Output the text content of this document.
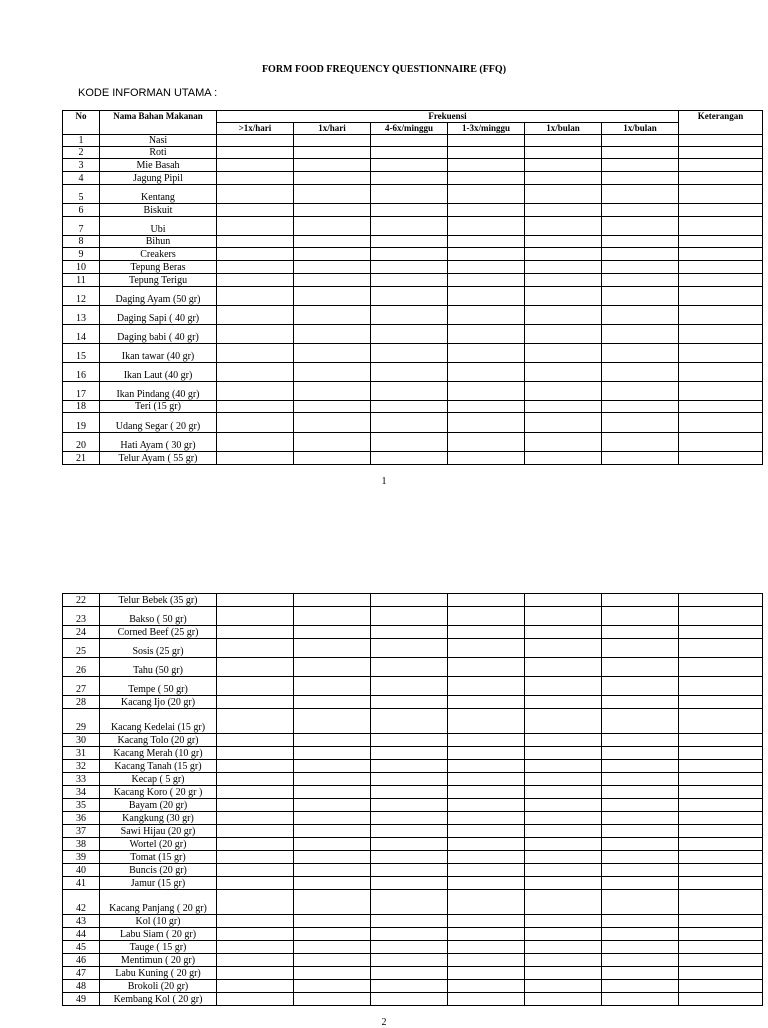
FORM FOOD FREQUENCY QUESTIONNAIRE (FFQ)
KODE INFORMAN UTAMA :
No	Nama Bahan Makanan	Frekuensi						Keterangan
		>1x/hari	1x/hari	4-6x/minggu	1-3x/minggu	1x/bulan	1x/bulan	
1	Nasi							
2	Roti							
3	Mie Basah							
4	Jagung Pipil							
5	Kentang							
6	Biskuit							
7	Ubi							
8	Bihun							
9	Creakers							
10	Tepung Beras							
11	Tepung Terigu							
12	Daging Ayam (50 gr)							
13	Daging Sapi ( 40 gr)							
14	Daging babi ( 40 gr)							
15	Ikan tawar (40 gr)							
16	Ikan Laut (40 gr)							
17	Ikan Pindang (40 gr)							
18	Teri (15 gr)							
19	Udang Segar ( 20 gr)							
20	Hati Ayam ( 30 gr)							
21	Telur Ayam ( 55 gr)							
1
22	Telur Bebek (35 gr)							
23	Bakso ( 50 gr)							
24	Corned Beef (25 gr)							
25	Sosis (25 gr)							
26	Tahu (50 gr)							
27	Tempe ( 50 gr)							
28	Kacang Ijo (20 gr)							
29	Kacang Kedelai (15 gr)							
30	Kacang Tolo (20 gr)							
31	Kacang Merah (10 gr)							
32	Kacang Tanah (15 gr)							
33	Kecap ( 5 gr)							
34	Kacang Koro ( 20 gr )							
35	Bayam (20 gr)							
36	Kangkung (30 gr)							
37	Sawi Hijau (20 gr)							
38	Wortel (20 gr)							
39	Tomat (15 gr)							
40	Buncis (20 gr)							
41	Jamur (15 gr)							
42	Kacang Panjang ( 20 gr)							
43	Kol (10 gr)							
44	Labu Siam ( 20 gr)							
45	Tauge ( 15 gr)							
46	Mentimun ( 20 gr)							
47	Labu Kuning ( 20 gr)							
48	Brokoli (20 gr)							
49	Kembang Kol ( 20 gr)							
2
